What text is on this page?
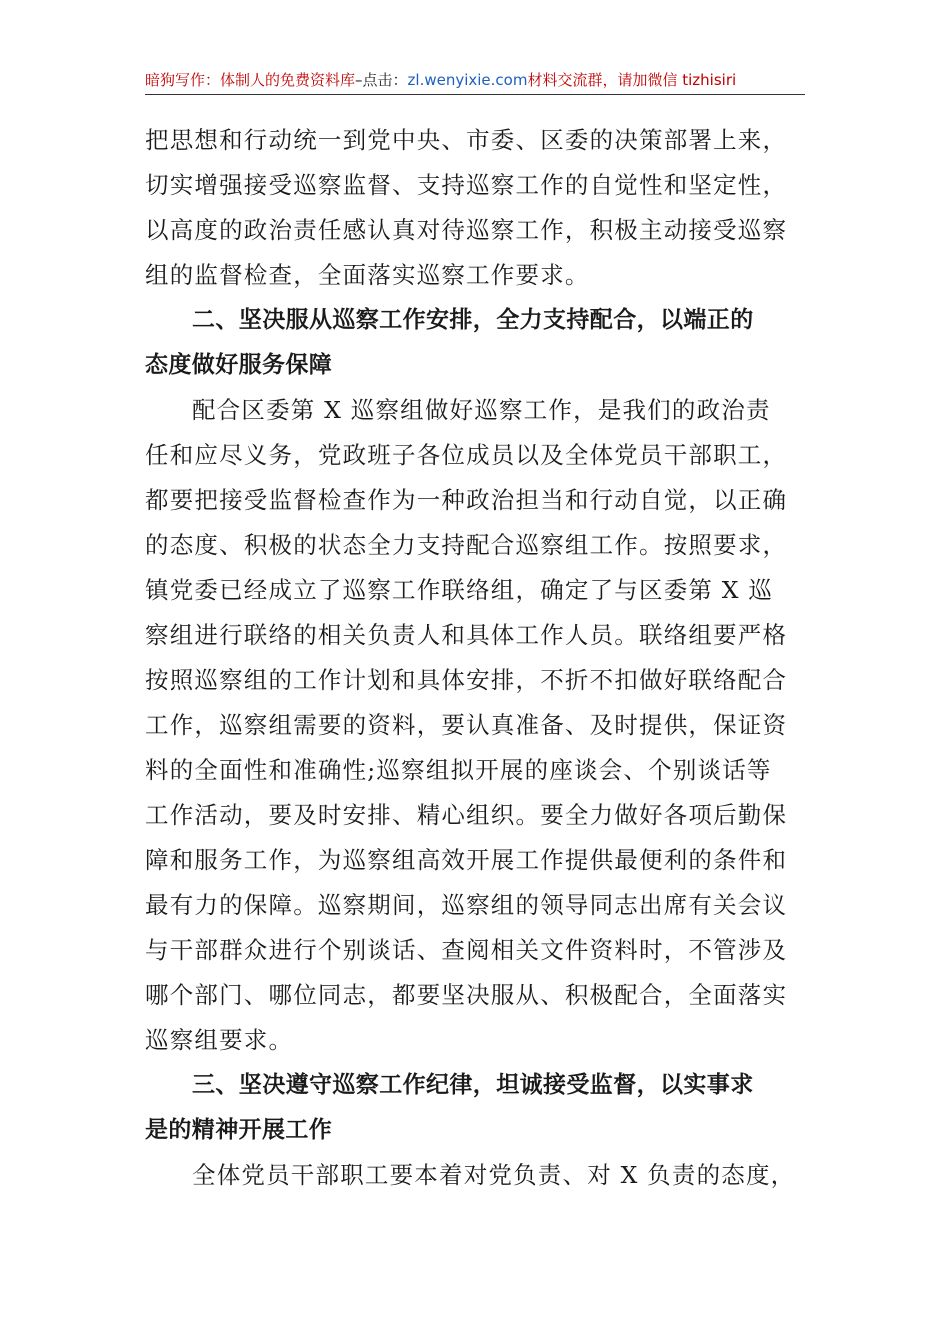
暗狗写作：体制人的免费资料库–点击：zl.wenyixie.com材料交流群，请加微信 tizhisiri
把思想和行动统一到党中央、市委、区委的决策部署上来，
切实增强接受巡察监督、支持巡察工作的自觉性和坚定性，
以高度的政治责任感认真对待巡察工作，积极主动接受巡察
组的监督检查，全面落实巡察工作要求。
二、坚决服从巡察工作安排，全力支持配合，以端正的
态度做好服务保障
配合区委第 X 巡察组做好巡察工作，是我们的政治责
任和应尽义务，党政班子各位成员以及全体党员干部职工，
都要把接受监督检查作为一种政治担当和行动自觉，以正确
的态度、积极的状态全力支持配合巡察组工作。按照要求，
镇党委已经成立了巡察工作联络组，确定了与区委第 X 巡
察组进行联络的相关负责人和具体工作人员。联络组要严格
按照巡察组的工作计划和具体安排，不折不扣做好联络配合
工作，巡察组需要的资料，要认真准备、及时提供，保证资
料的全面性和准确性;巡察组拟开展的座谈会、个别谈话等
工作活动，要及时安排、精心组织。要全力做好各项后勤保
障和服务工作，为巡察组高效开展工作提供最便利的条件和
最有力的保障。巡察期间，巡察组的领导同志出席有关会议
与干部群众进行个别谈话、查阅相关文件资料时，不管涉及
哪个部门、哪位同志，都要坚决服从、积极配合，全面落实
巡察组要求。
三、坚决遵守巡察工作纪律，坦诚接受监督，以实事求
是的精神开展工作
全体党员干部职工要本着对党负责、对 X 负责的态度，
